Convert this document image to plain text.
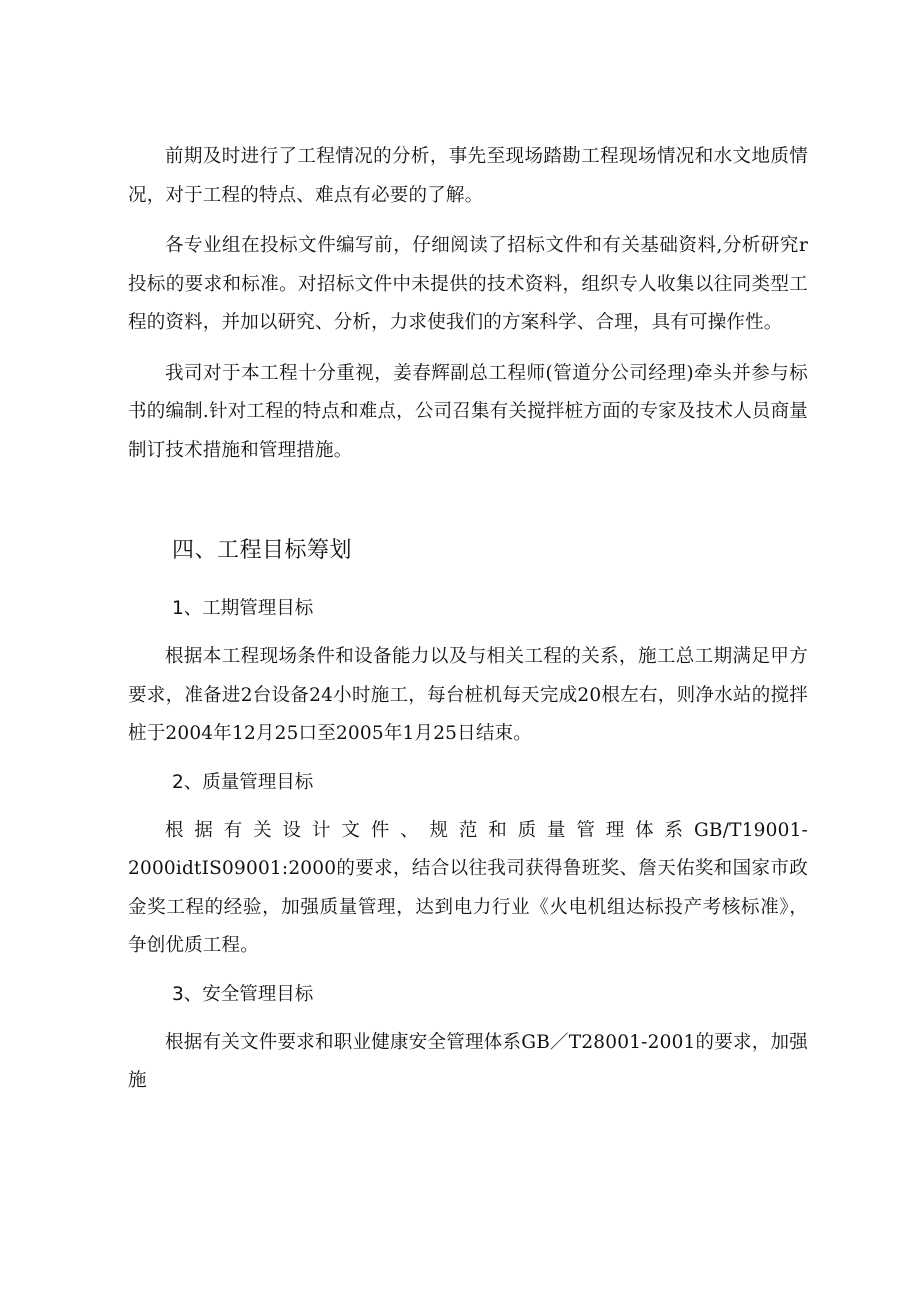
前期及时进行了工程情况的分析，事先至现场踏勘工程现场情况和水文地质情况，对于工程的特点、难点有必要的了解。

各专业组在投标文件编写前，仔细阅读了招标文件和有关基础资料,分析研究r投标的要求和标准。对招标文件中未提供的技术资料，组织专人收集以往同类型工程的资料，并加以研究、分析，力求使我们的方案科学、合理，具有可操作性。

我司对于本工程十分重视，姜春辉副总工程师(管道分公司经理)牵头并参与标书的编制.针对工程的特点和难点，公司召集有关搅拌桩方面的专家及技术人员商量制订技术措施和管理措施。

四、工程目标筹划

1、工期管理目标

根据本工程现场条件和设备能力以及与相关工程的关系，施工总工期满足甲方要求，准备进2台设备24小时施工，每台桩机每天完成20根左右，则净水站的搅拌桩于2004年12月25口至2005年1月25日结束。

2、质量管理目标

根据有关设计文件、规范和质量管理体系GB/T19001-2000idtIS09001:2000的要求，结合以往我司获得鲁班奖、詹天佑奖和国家市政金奖工程的经验，加强质量管理，达到电力行业《火电机组达标投产考核标准》，争创优质工程。

3、安全管理目标

根据有关文件要求和职业健康安全管理体系GB／T28001-2001的要求，加强施
